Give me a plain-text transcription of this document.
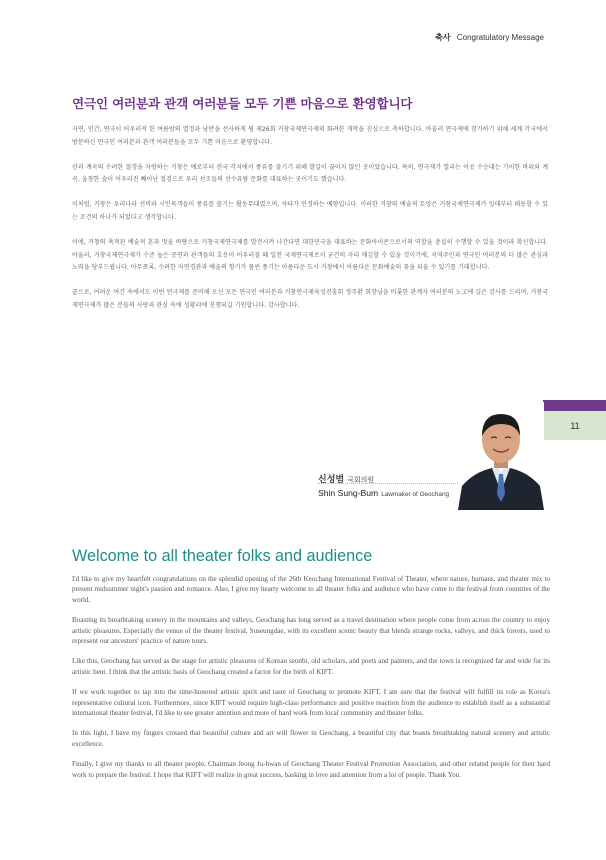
축사 Congratulatory Message
연극인 여러분과 관객 여러분들 모두 기쁜 마음으로 환영합니다

자연, 인간, 연극이 어우러져 한 여름밤의 열정과 낭만을 선사하게 될 제26회 거창국제연극제의 화려한 개막을 진심으로 축하합니다. 아울러 연극제에 참가하기 위해 세계 각국에서 방문하신 연극인 여러분과 관객 여러분들을 모두 기쁜 마음으로 환영합니다.

산과 계곡의 수려한 절경을 자랑하는 거창은 예로부터 전국 각지에서 풍류를 즐기기 위해 발길이 끊이지 않던 곳이었습니다. 특히, 연극제가 열리는 이곳 수승대는 기이한 바위와 계곡, 울창한 숲이 어우러진 빼어난 절경으로 우리 선조들의 선수유람 문화를 대표하는 곳이기도 했습니다.

이처럼, 거창은 우리나라 선비와 시인묵객들이 풍류를 즐기는 활동무대였으며, 자타가 인정하는 예향입니다. 이러한 거창의 예술적 토양은 거창국제연극제가 잉태부터 태동할 수 있는 조건의 하나가 되었다고 생각합니다.

이에, 거창의 축적된 예술적 혼과 멋을 바탕으로 거창국제연극제를 발전시켜 나간다면 대한민국을 대표하는 문화아이콘으로서의 역할을 충실히 수행할 수 있을 것이라 확신합니다. 아울러, 거창국제연극제가 수준 높은 공연과 관객들의 호응이 어우러질 때 일천 국제연극제로서 굳건히 자리 매김할 수 있을 것이기에, 지역주민과 연극인 여러분의 더 많은 관심과 노력을 당부드립니다. 아무쪼록, 수려한 자연경관과 예술의 향기가 물씬 풍기는 아름다운 도시 거창에서 아름다운 문화예술의 꽃을 피울 수 있기를 기대합니다.

끝으로, 어려운 여건 속에서도 이번 연극제를 준비해 오신 모든 연극인 여러분과 거창연극제육성진흥회 정주환 회장님을 비롯한 관계자 여러분의 노고에 깊은 감사를 드리며, 거창국제연극제가 많은 분들의 사랑과 관심 속에 성황리에 진행되길 기원합니다. 감사합니다.

11
신성범 국회의원
Shin Sung-Bum Lawmaker of Geochang
Welcome to all theater folks and audience

I'd like to give my heartfelt congratulations on the splendid opening of the 26th Keochang International Festival of Theater, where nature, humans, and theater mix to present midsummer night's passion and romance. Also, I give my hearty welcome to all theater folks and audience who have come to the festival from countries of the world.

Boasting its breathtaking scenery in the mountains and valleys, Geochang has long served as a travel destination where people come from across the country to enjoy artistic pleasures. Especially the venue of the theater festival, Suseungdae, with its excellent scenic beauty that blends strange rocks, valleys, and thick forests, used to represent our ancestors' practice of nature tours.

Like this, Geochang has served as the stage for artistic pleasures of Korean seonbi, old scholars, and poets and painters, and the town is recognized far and wide for its artistic bent. I think that the artistic basis of Geochang created a factor for the birth of KIFT.

If we work together to tap into the time-honored artistic spirit and taste of Geochang to promote KIFT, I am sure that the festival will fulfill its role as Korea's representative cultural icon. Furthermore, since KIFT would require high-class performance and positive reaction from the audience to establish itself as a substantial international theater festival, I'd like to see greater attention and more of hard work from local community and theater folks.

In this light, I have my fingers crossed that beautiful culture and art will flower in Geochang, a beautiful city that boasts breathtaking natural scenery and artistic excellence.

Finally, I give my thanks to all theater people, Chairman Jeong Ju-hwan of Geochang Theater Festival Promotion Association, and other related people for their hard work to prepare the festival. I hope that KIFT will realize in great success, basking in love and attention from a lot of people. Thank You.
